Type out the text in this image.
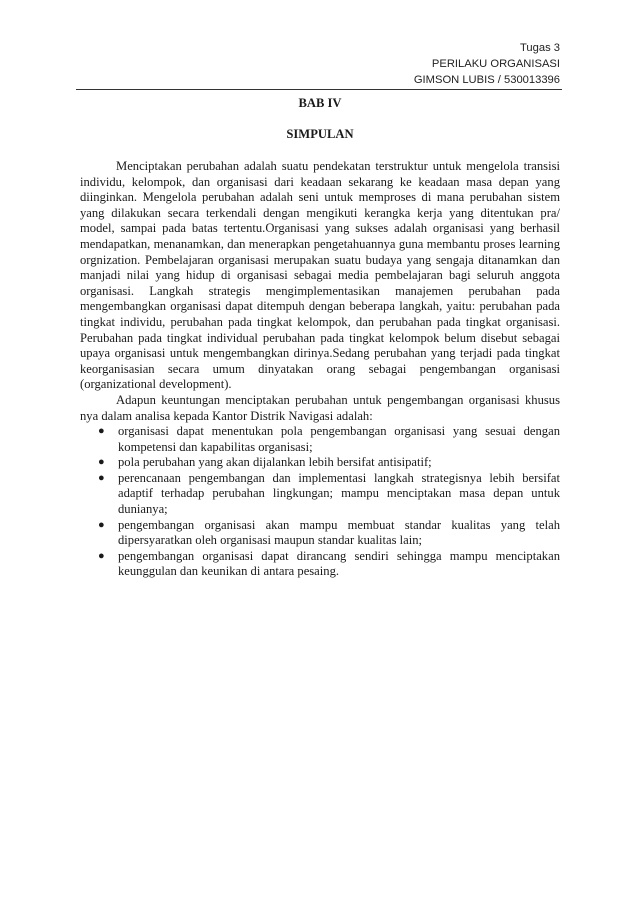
Tugas 3
PERILAKU ORGANISASI
GIMSON LUBIS / 530013396

BAB IV

SIMPULAN

Menciptakan perubahan adalah suatu pendekatan terstruktur untuk mengelola transisi individu, kelompok, dan organisasi dari keadaan sekarang ke keadaan masa depan yang diinginkan. Mengelola perubahan adalah seni untuk memproses di mana perubahan sistem yang dilakukan secara terkendali dengan mengikuti kerangka kerja yang ditentukan pra/ model, sampai pada batas tertentu.Organisasi yang sukses adalah organisasi yang berhasil mendapatkan, menanamkan, dan menerapkan pengetahuannya guna membantu proses learning orgnization. Pembelajaran organisasi merupakan suatu budaya yang sengaja ditanamkan dan manjadi nilai yang hidup di organisasi sebagai media pembelajaran bagi seluruh anggota organisasi. Langkah strategis mengimplementasikan manajemen perubahan pada mengembangkan organisasi dapat ditempuh dengan beberapa langkah, yaitu: perubahan pada tingkat individu, perubahan pada tingkat kelompok, dan perubahan pada tingkat organisasi. Perubahan pada tingkat individual perubahan pada tingkat kelompok belum disebut sebagai upaya organisasi untuk mengembangkan dirinya.Sedang perubahan yang terjadi pada tingkat keorganisasian secara umum dinyatakan orang sebagai pengembangan organisasi (organizational development).

Adapun keuntungan menciptakan perubahan untuk pengembangan organisasi khusus nya dalam analisa kepada Kantor Distrik Navigasi adalah:

● organisasi dapat menentukan pola pengembangan organisasi yang sesuai dengan kompetensi dan kapabilitas organisasi;
● pola perubahan yang akan dijalankan lebih bersifat antisipatif;
● perencanaan pengembangan dan implementasi langkah strategisnya lebih bersifat adaptif terhadap perubahan lingkungan; mampu menciptakan masa depan untuk dunianya;
● pengembangan organisasi akan mampu membuat standar kualitas yang telah dipersyaratkan oleh organisasi maupun standar kualitas lain;
● pengembangan organisasi dapat dirancang sendiri sehingga mampu menciptakan keunggulan dan keunikan di antara pesaing.
